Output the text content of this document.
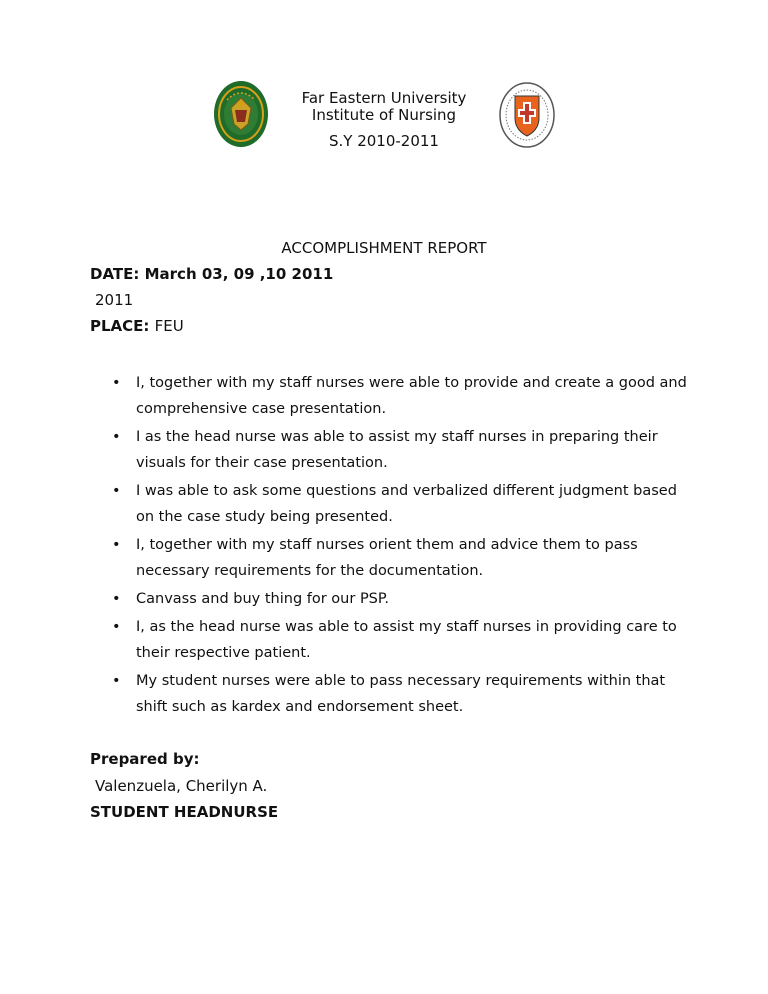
Far Eastern University
Institute of Nursing
S.Y 2010-2011
ACCOMPLISHMENT REPORT
DATE: March 03, 09 ,10 2011
2011
PLACE: FEU
• I, together with my staff nurses were able to provide and create a good and comprehensive case presentation.
• I as the head nurse was able to assist my staff nurses in preparing their visuals for their case presentation.
• I was able to ask some questions and verbalized different judgment based on the case study being presented.
• I, together with my staff nurses orient them and advice them to pass necessary requirements for the documentation.
• Canvass and buy thing for our PSP.
• I, as the head nurse was able to assist my staff nurses in providing care to their respective patient.
• My student nurses were able to pass necessary requirements within that shift such as kardex and endorsement sheet.
Prepared by:
Valenzuela, Cherilyn A.
STUDENT HEADNURSE
